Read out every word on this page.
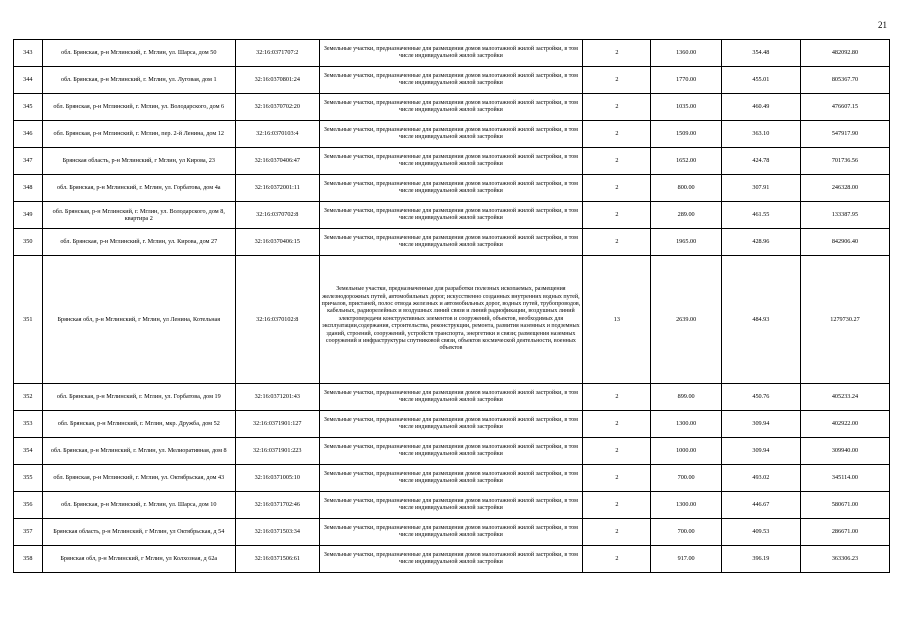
21
343	обл. Брянская, р-н Мглинский, г. Мглин, ул. Шарса, дом 50	32:16:0371707:2	Земельные участки, предназначенные для размещения домов малоэтажной жилой застройки, в том числе индивидуальной жилой застройки	2	1360.00	354.48	482092.80
344	обл. Брянская, р-н Мглинский, г. Мглин, ул. Луговая, дом 1	32:16:0370801:24	Земельные участки, предназначенные для размещения домов малоэтажной жилой застройки, в том числе индивидуальной жилой застройки	2	1770.00	455.01	805367.70
345	обл. Брянская, р-н Мглинский, г. Мглин, ул. Володарского, дом 6	32:16:0370702:20	Земельные участки, предназначенные для размещения домов малоэтажной жилой застройки, в том числе индивидуальной жилой застройки	2	1035.00	460.49	476607.15
346	обл. Брянская, р-н Мглинский, г. Мглин, пер. 2-й Ленина, дом 12	32:16:0370103:4	Земельные участки, предназначенные для размещения домов малоэтажной жилой застройки, в том числе индивидуальной жилой застройки	2	1509.00	363.10	547917.90
347	Брянская область, р-н Мглинский, г Мглин, ул Кирова, 23	32:16:0370406:47	Земельные участки, предназначенные для размещения домов малоэтажной жилой застройки, в том числе индивидуальной жилой застройки	2	1652.00	424.78	701736.56
348	обл. Брянская, р-н Мглинский, г. Мглин, ул. Горбатова, дом 4а	32:16:0372001:11	Земельные участки, предназначенные для размещения домов малоэтажной жилой застройки, в том числе индивидуальной жилой застройки	2	800.00	307.91	246328.00
349	обл. Брянская, р-н Мглинский, г. Мглин, ул. Володарского, дом 8, квартира 2	32:16:0370702:8	Земельные участки, предназначенные для размещения домов малоэтажной жилой застройки, в том числе индивидуальной жилой застройки	2	289.00	461.55	133387.95
350	обл. Брянская, р-н Мглинский, г. Мглин, ул. Кирова, дом 27	32:16:0370406:15	Земельные участки, предназначенные для размещения домов малоэтажной жилой застройки, в том числе индивидуальной жилой застройки	2	1965.00	428.96	842906.40
351	Брянская обл, р-н Мглинский, г Мглин, ул Ленина, Котельная	32:16:0370102:8	Земельные участки, предназначенные для разработки полезных ископаемых, размещения железнодорожных путей, автомобильных дорог, искусственно созданных внутренних водных путей, причалов, пристаней, полос отвода железных и автомобильных дорог, водных путей, трубопроводов, кабельных, радиорелейных и воздушных линий связи и линий радиофикации, воздушных линий электропередачи конструктивных элементов и сооружений, объектов, необходимых для эксплуатации,содержания, строительства, реконструкции, ремонта, развития наземных и подземных зданий, строений, сооружений, устройств транспорта, энергетики и связи; размещения наземных сооружений и инфраструктуры спутниковой связи, объектов космической деятельности, военных объектов	13	2639.00	484.93	1279730.27
352	обл. Брянская, р-н Мглинский, г. Мглин, ул. Горбатова, дом 19	32:16:0371201:43	Земельные участки, предназначенные для размещения домов малоэтажной жилой застройки, в том числе индивидуальной жилой застройки	2	899.00	450.76	405233.24
353	обл. Брянская, р-н Мглинский, г. Мглин, мкр. Дружба, дом 52	32:16:0371901:127	Земельные участки, предназначенные для размещения домов малоэтажной жилой застройки, в том числе индивидуальной жилой застройки	2	1300.00	309.94	402922.00
354	обл. Брянская, р-н Мглинский, г. Мглин, ул. Мелиоративная, дом 8	32:16:0371901:223	Земельные участки, предназначенные для размещения домов малоэтажной жилой застройки, в том числе индивидуальной жилой застройки	2	1000.00	309.94	309940.00
355	обл. Брянская, р-н Мглинский, г. Мглин, ул. Октябрьская, дом 43	32:16:0371005:10	Земельные участки, предназначенные для размещения домов малоэтажной жилой застройки, в том числе индивидуальной жилой застройки	2	700.00	493.02	345114.00
356	обл. Брянская, р-н Мглинский, г. Мглин, ул. Шарса, дом 10	32:16:0371702:46	Земельные участки, предназначенные для размещения домов малоэтажной жилой застройки, в том числе индивидуальной жилой застройки	2	1300.00	446.67	580671.00
357	Брянская область, р-н Мглинский, г Мглин, ул Октябрьская, д 54	32:16:0371503:34	Земельные участки, предназначенные для размещения домов малоэтажной жилой застройки, в том числе индивидуальной жилой застройки	2	700.00	409.53	286671.00
358	Брянская обл, р-н Мглинский, г Мглин, ул Колхозная, д 62а	32:16:0371506:61	Земельные участки, предназначенные для размещения домов малоэтажной жилой застройки, в том числе индивидуальной жилой застройки	2	917.00	396.19	363306.23
